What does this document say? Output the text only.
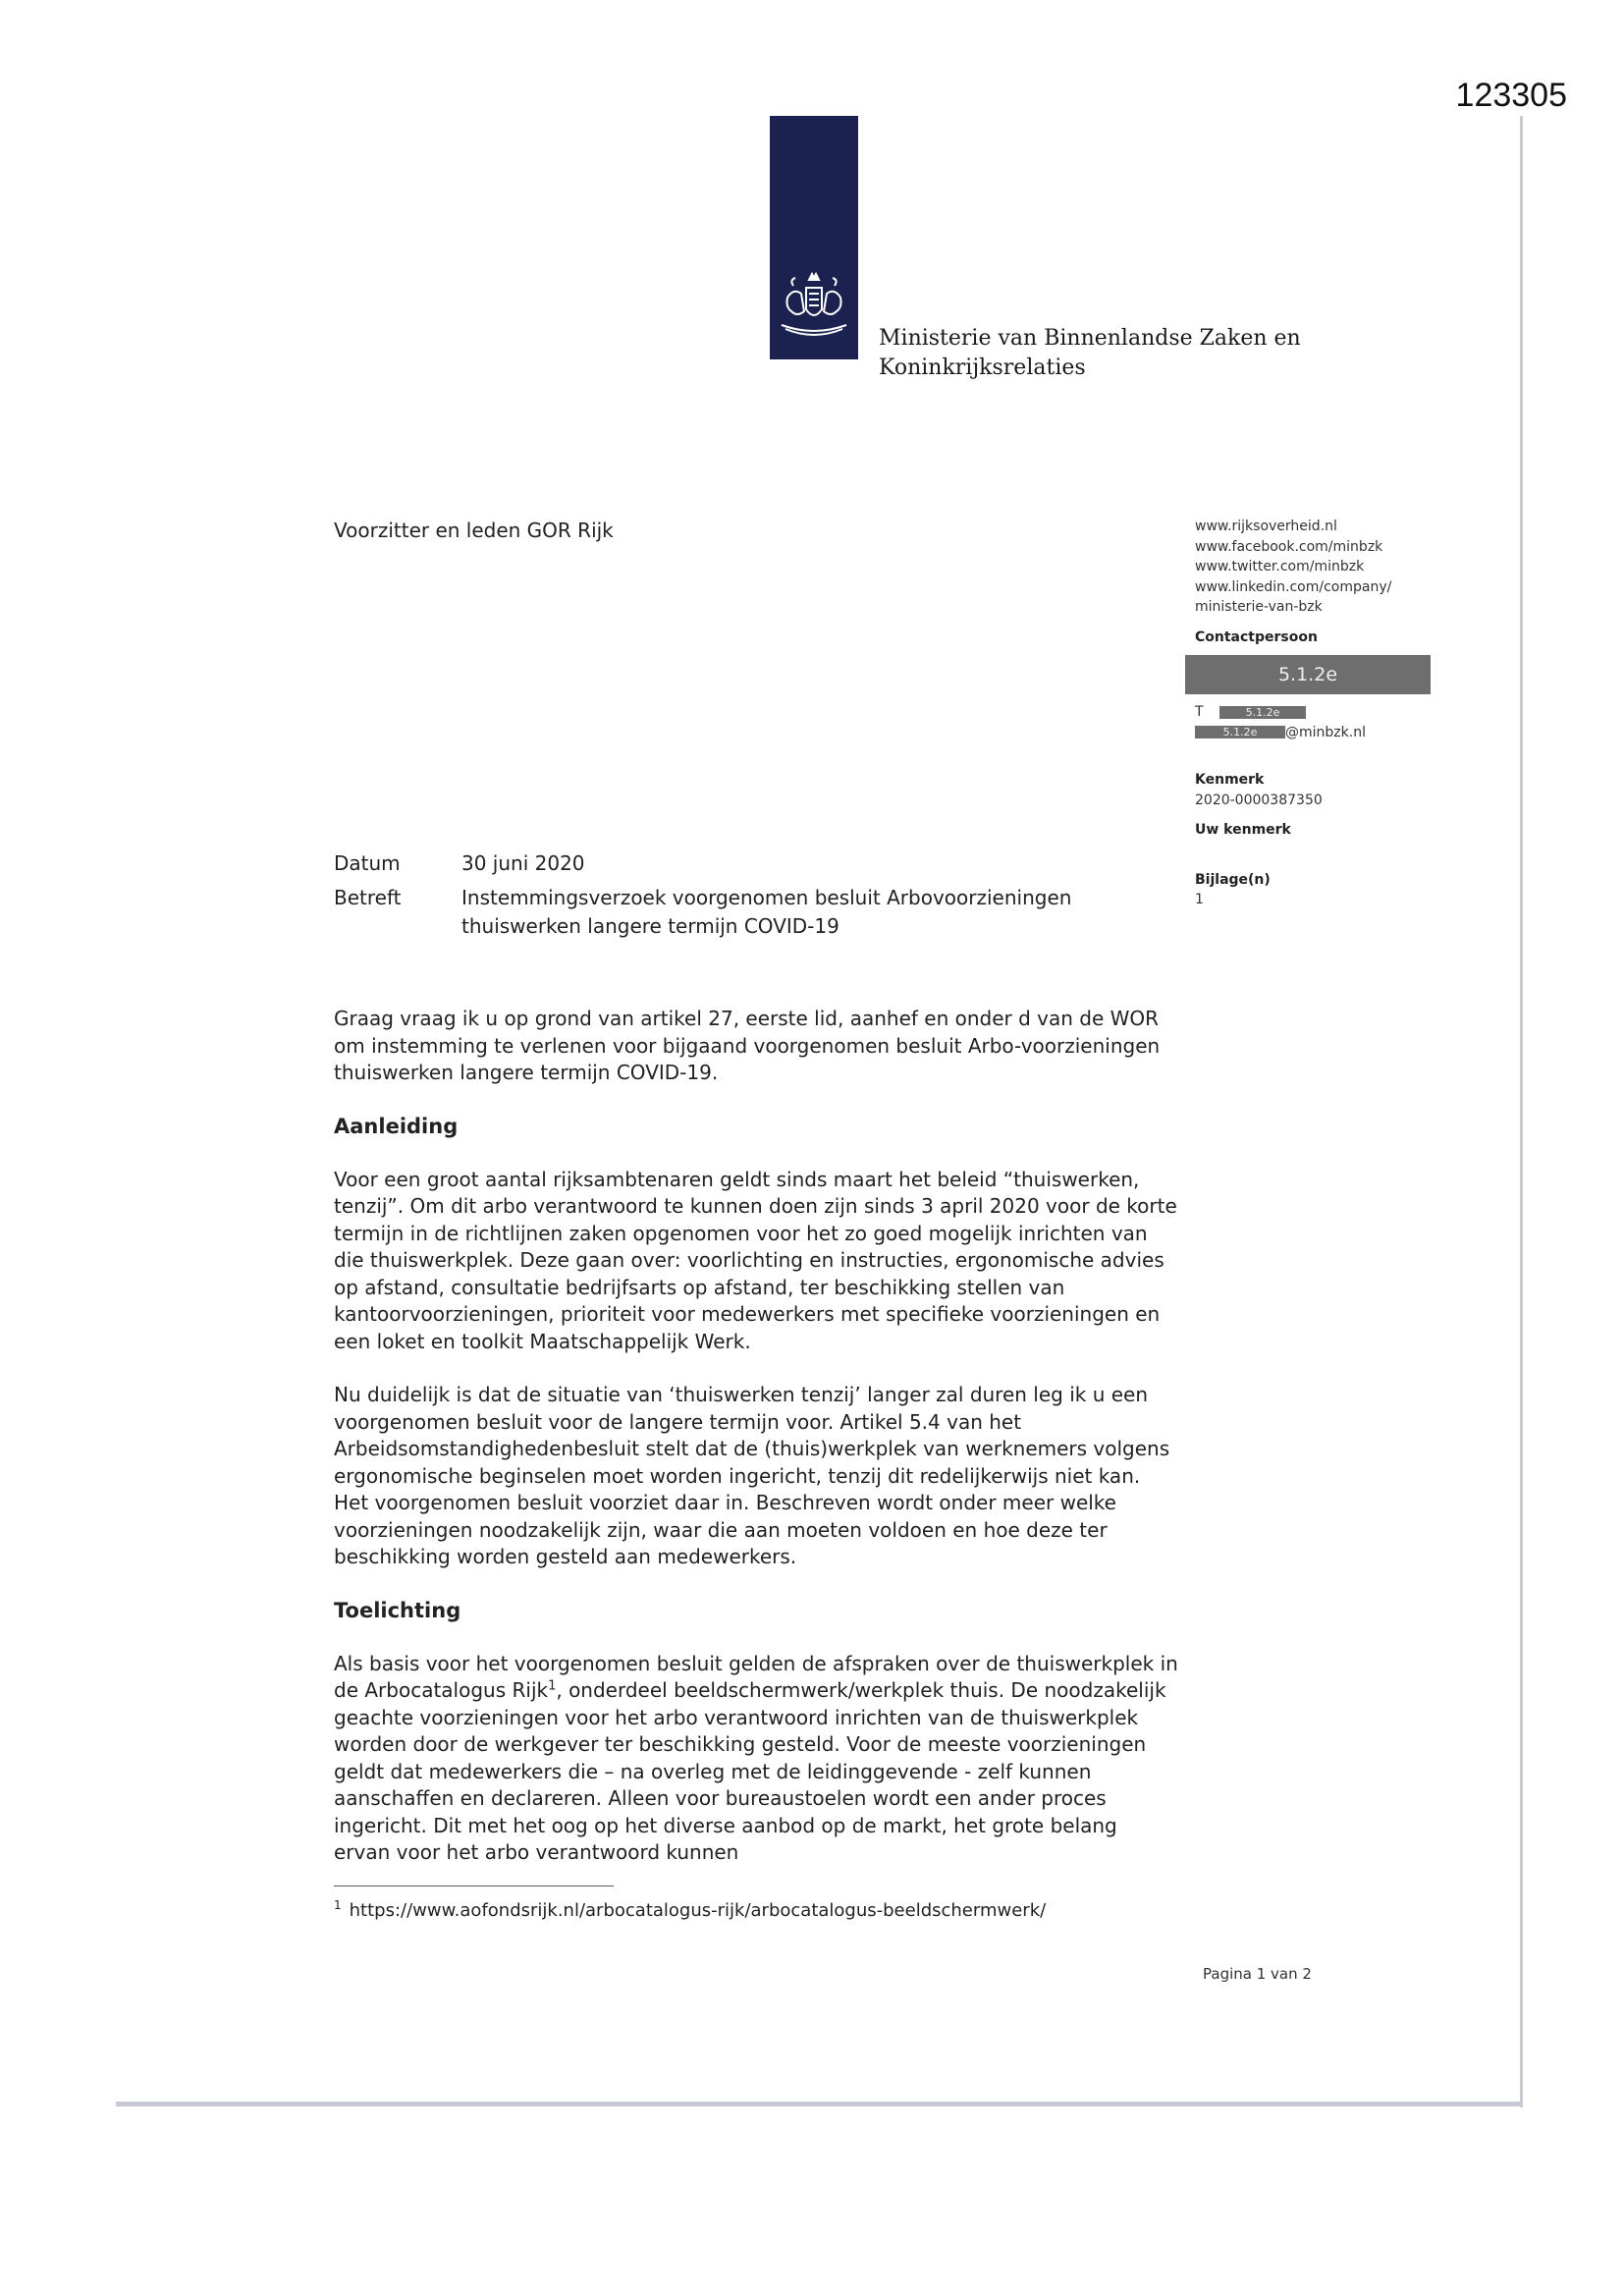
123305
Ministerie van Binnenlandse Zaken en
Koninkrijksrelaties
Voorzitter en leden GOR Rijk	www.rijksoverheid.nl
www.facebook.com/minbzk
www.twitter.com/minbzk
www.linkedin.com/company/
ministerie-van-bzk
Contactpersoon
5.1.2e
T	5.1.2e
5.1.2e @minbzk.nl
Kenmerk
2020-0000387350
Uw kenmerk
Bijlage(n)
1
Datum	30 juni 2020
Betreft	Instemmingsverzoek voorgenomen besluit Arbovoorzieningen
thuiswerken langere termijn COVID-19

Graag vraag ik u op grond van artikel 27, eerste lid, aanhef en onder d van de WOR om instemming te verlenen voor bijgaand voorgenomen besluit Arbo-voorzieningen thuiswerken langere termijn COVID-19.

Aanleiding

Voor een groot aantal rijksambtenaren geldt sinds maart het beleid “thuiswerken, tenzij”. Om dit arbo verantwoord te kunnen doen zijn sinds 3 april 2020 voor de korte termijn in de richtlijnen zaken opgenomen voor het zo goed mogelijk inrichten van die thuiswerkplek. Deze gaan over: voorlichting en instructies, ergonomische advies op afstand, consultatie bedrijfsarts op afstand, ter beschikking stellen van kantoorvoorzieningen, prioriteit voor medewerkers met specifieke voorzieningen en een loket en toolkit Maatschappelijk Werk.

Nu duidelijk is dat de situatie van ‘thuiswerken tenzij’ langer zal duren leg ik u een voorgenomen besluit voor de langere termijn voor. Artikel 5.4 van het Arbeidsomstandighedenbesluit stelt dat de (thuis)werkplek van werknemers volgens ergonomische beginselen moet worden ingericht, tenzij dit redelijkerwijs niet kan. Het voorgenomen besluit voorziet daar in. Beschreven wordt onder meer welke voorzieningen noodzakelijk zijn, waar die aan moeten voldoen en hoe deze ter beschikking worden gesteld aan medewerkers.

Toelichting

Als basis voor het voorgenomen besluit gelden de afspraken over de thuiswerkplek in de Arbocatalogus Rijk$^1$, onderdeel beeldschermwerk/werkplek thuis. De noodzakelijk geachte voorzieningen voor het arbo verantwoord inrichten van de thuiswerkplek worden door de werkgever ter beschikking gesteld. Voor de meeste voorzieningen geldt dat medewerkers die – na overleg met de leidinggevende - zelf kunnen aanschaffen en declareren. Alleen voor bureaustoelen wordt een ander proces ingericht. Dit met het oog op het diverse aanbod op de markt, het grote belang ervan voor het arbo verantwoord kunnen

$^1$ https://www.aofondsrijk.nl/arbocatalogus-rijk/arbocatalogus-beeldschermwerk/
Pagina 1 van 2
